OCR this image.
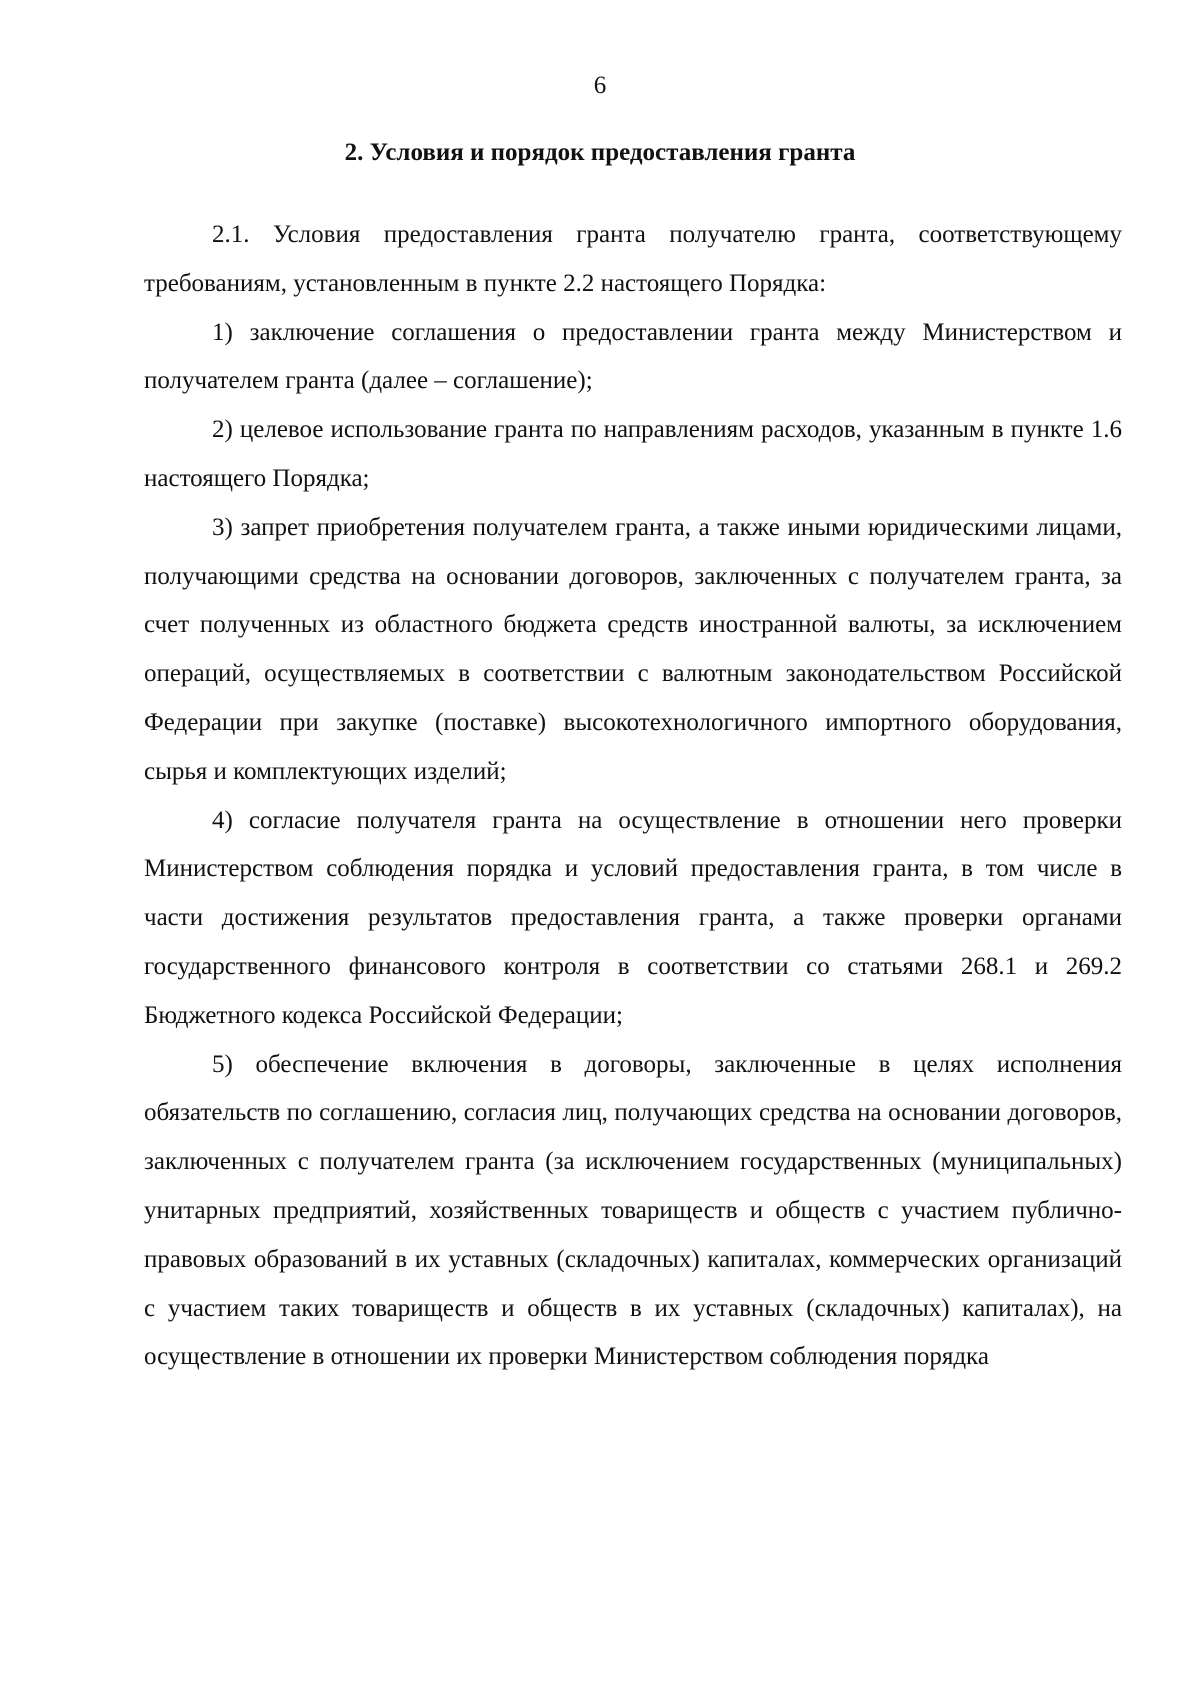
6
2. Условия и порядок предоставления гранта

2.1. Условия предоставления гранта получателю гранта, соответствующему требованиям, установленным в пункте 2.2 настоящего Порядка:

1) заключение соглашения о предоставлении гранта между Министерством и получателем гранта (далее – соглашение);

2) целевое использование гранта по направлениям расходов, указанным в пункте 1.6 настоящего Порядка;

3) запрет приобретения получателем гранта, а также иными юридическими лицами, получающими средства на основании договоров, заключенных с получателем гранта, за счет полученных из областного бюджета средств иностранной валюты, за исключением операций, осуществляемых в соответствии с валютным законодательством Российской Федерации при закупке (поставке) высокотехнологичного импортного оборудования, сырья и комплектующих изделий;

4) согласие получателя гранта на осуществление в отношении него проверки Министерством соблюдения порядка и условий предоставления гранта, в том числе в части достижения результатов предоставления гранта, а также проверки органами государственного финансового контроля в соответствии со статьями 268.1 и 269.2 Бюджетного кодекса Российской Федерации;

5) обеспечение включения в договоры, заключенные в целях исполнения обязательств по соглашению, согласия лиц, получающих средства на основании договоров, заключенных с получателем гранта (за исключением государственных (муниципальных) унитарных предприятий, хозяйственных товариществ и обществ с участием публично-правовых образований в их уставных (складочных) капиталах, коммерческих организаций с участием таких товариществ и обществ в их уставных (складочных) капиталах), на осуществление в отношении их проверки Министерством соблюдения порядка
